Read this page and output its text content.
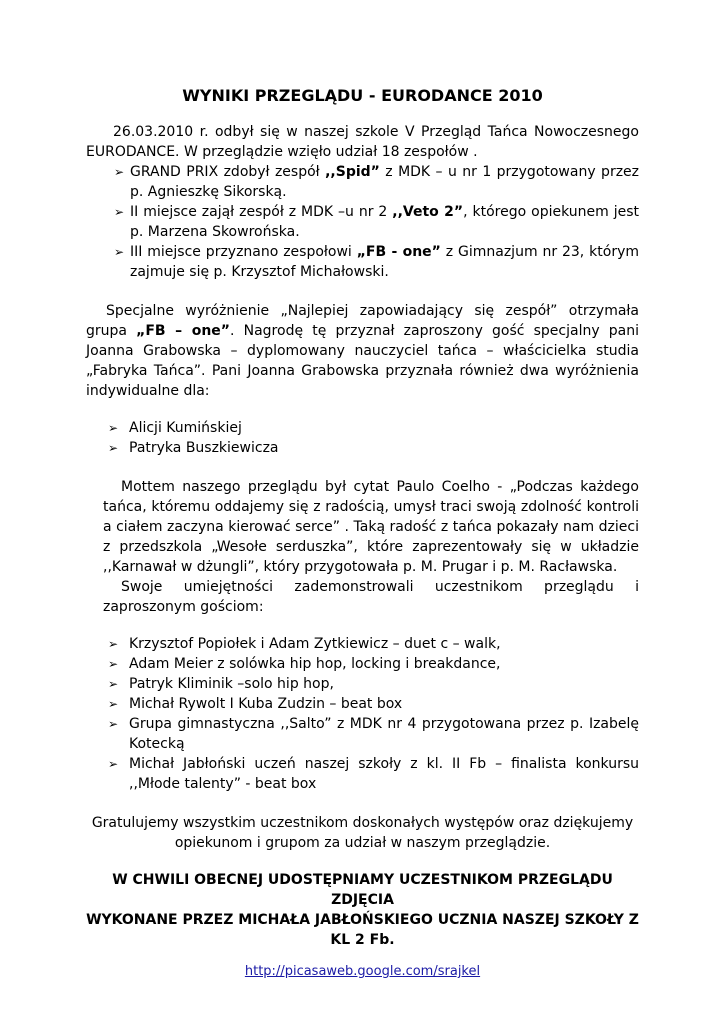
WYNIKI PRZEGLĄDU - EURODANCE 2010

26.03.2010 r. odbył się w naszej szkole V Przegląd Tańca Nowoczesnego EURODANCE. W przeglądzie wzięło udział 18 zespołów .

➢ GRAND PRIX zdobył zespół ,,Spid” z MDK – u nr 1 przygotowany przez p. Agnieszkę Sikorską.
➢ II miejsce zajął zespół z MDK –u nr 2 ,,Veto 2”, którego opiekunem jest p. Marzena Skowrońska.
➢ III miejsce przyznano zespołowi „FB - one” z Gimnazjum nr 23, którym zajmuje się p. Krzysztof Michałowski.

Specjalne wyróżnienie „Najlepiej zapowiadający się zespół” otrzymała grupa „FB – one”. Nagrodę tę przyznał zaproszony gość specjalny pani Joanna Grabowska – dyplomowany nauczyciel tańca – właścicielka studia „Fabryka Tańca”. Pani Joanna Grabowska przyznała również dwa wyróżnienia indywidualne dla:

➢ Alicji Kumińskiej
➢ Patryka Buszkiewicza

Mottem naszego przeglądu był cytat Paulo Coelho - „Podczas każdego tańca, któremu oddajemy się z radością, umysł traci swoją zdolność kontroli a ciałem zaczyna kierować serce” . Taką radość z tańca pokazały nam dzieci z przedszkola „Wesołe serduszka”, które zaprezentowały się w układzie ,,Karnawał w dżungli”, który przygotowała p. M. Prugar i p. M. Racławska.

Swoje umiejętności zademonstrowali uczestnikom przeglądu i zaproszonym gościom:

➢ Krzysztof Popiołek i Adam Zytkiewicz – duet c – walk,
➢ Adam Meier z solówka hip hop, locking i breakdance,
➢ Patryk Kliminik –solo hip hop,
➢ Michał Rywolt I Kuba Zudzin – beat box
➢ Grupa gimnastyczna ,,Salto” z MDK nr 4 przygotowana przez p. Izabelę Kotecką
➢ Michał Jabłoński uczeń naszej szkoły z kl. II Fb – finalista konkursu ,,Młode talenty” - beat box

Gratulujemy wszystkim uczestnikom doskonałych występów oraz dziękujemy
opiekunom i grupom za udział w naszym przeglądzie.

W CHWILI OBECNEJ UDOSTĘPNIAMY UCZESTNIKOM PRZEGLĄDU ZDJĘCIA
WYKONANE PRZEZ MICHAŁA JABŁOŃSKIEGO UCZNIA NASZEJ SZKOŁY Z KL 2 Fb.

http://picasaweb.google.com/srajkel
